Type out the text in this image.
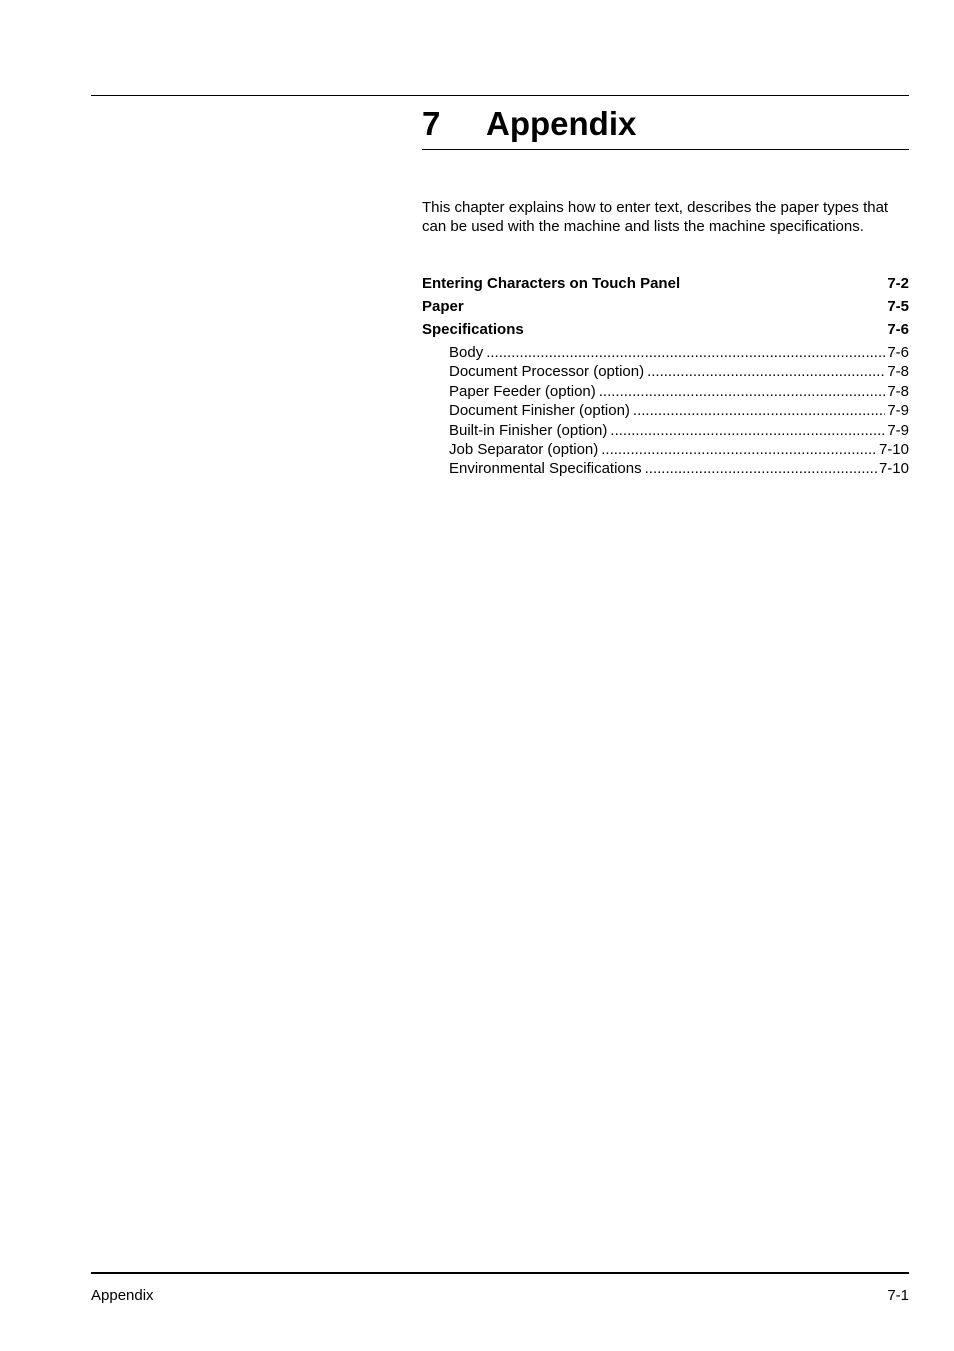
7 Appendix

This chapter explains how to enter text, describes the paper types that can be used with the machine and lists the machine specifications.

Entering Characters on Touch Panel	7-2
Paper	7-5
Specifications	7-6
Body .....	7-6
Document Processor (option) .....	7-8
Paper Feeder (option) .....	7-8
Document Finisher (option) .....	7-9
Built-in Finisher (option) .....	7-9
Job Separator (option) .....	7-10
Environmental Specifications .....	7-10
Appendix	7-1
